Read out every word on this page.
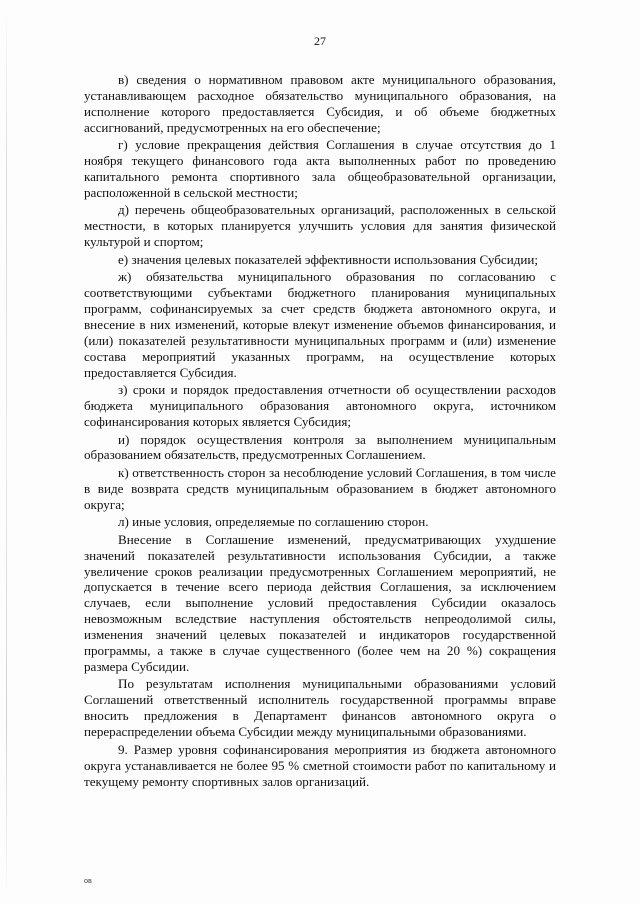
27

в) сведения о нормативном правовом акте муниципального образования, устанавливающем расходное обязательство муниципального образования, на исполнение которого предоставляется Субсидия, и об объеме бюджетных ассигнований, предусмотренных на его обеспечение;

г) условие прекращения действия Соглашения в случае отсутствия до 1 ноября текущего финансового года акта выполненных работ по проведению капитального ремонта спортивного зала общеобразовательной организации, расположенной в сельской местности;

д) перечень общеобразовательных организаций, расположенных в сельской местности, в которых планируется улучшить условия для занятия физической культурой и спортом;

е) значения целевых показателей эффективности использования Субсидии;

ж) обязательства муниципального образования по согласованию с соответствующими субъектами бюджетного планирования муниципальных программ, софинансируемых за счет средств бюджета автономного округа, и внесение в них изменений, которые влекут изменение объемов финансирования, и (или) показателей результативности муниципальных программ и (или) изменение состава мероприятий указанных программ, на осуществление которых предоставляется Субсидия.

з) сроки и порядок предоставления отчетности об осуществлении расходов бюджета муниципального образования автономного округа, источником софинансирования которых является Субсидия;

и) порядок осуществления контроля за выполнением муниципальным образованием обязательств, предусмотренных Соглашением.

к) ответственность сторон за несоблюдение условий Соглашения, в том числе в виде возврата средств муниципальным образованием в бюджет автономного округа;

л) иные условия, определяемые по соглашению сторон.

Внесение в Соглашение изменений, предусматривающих ухудшение значений показателей результативности использования Субсидии, а также увеличение сроков реализации предусмотренных Соглашением мероприятий, не допускается в течение всего периода действия Соглашения, за исключением случаев, если выполнение условий предоставления Субсидии оказалось невозможным вследствие наступления обстоятельств непреодолимой силы, изменения значений целевых показателей и индикаторов государственной программы, а также в случае существенного (более чем на 20 %) сокращения размера Субсидии.

По результатам исполнения муниципальными образованиями условий Соглашений ответственный исполнитель государственной программы вправе вносить предложения в Департамент финансов автономного округа о перераспределении объема Субсидии между муниципальными образованиями.

9. Размер уровня софинансирования мероприятия из бюджета автономного округа устанавливается не более 95 % сметной стоимости работ по капитальному и текущему ремонту спортивных залов организаций.

ов
